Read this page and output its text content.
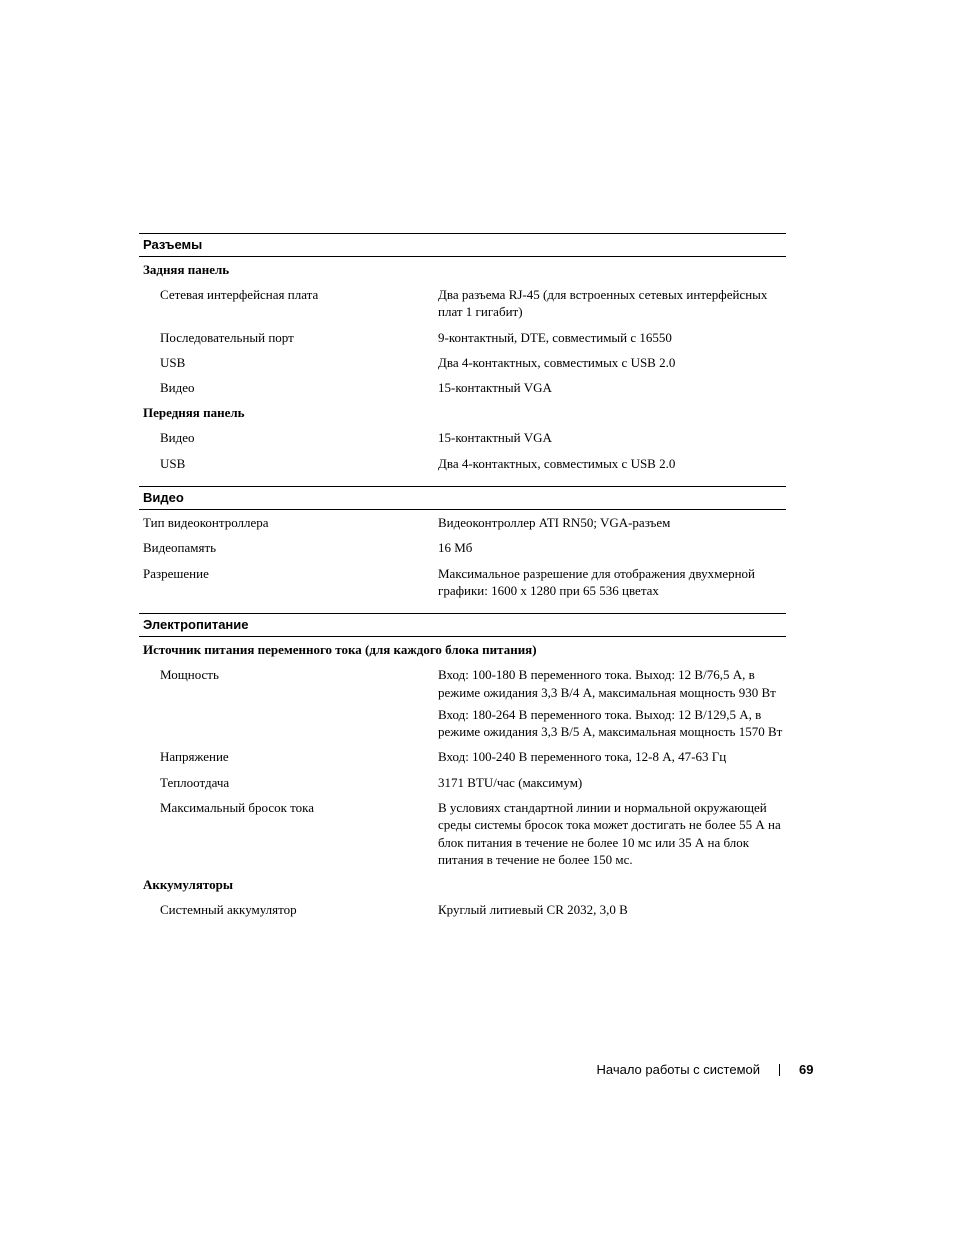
Разъемы
Задняя панель
Сетевая интерфейсная плата	Два разъема RJ-45 (для встроенных сетевых интерфейсных плат 1 гигабит)
Последовательный порт	9-контактный, DTE, совместимый с 16550
USB	Два 4-контактных, совместимых с USB 2.0
Видео	15-контактный VGA
Передняя панель
Видео	15-контактный VGA
USB	Два 4-контактных, совместимых с USB 2.0
Видео
Тип видеоконтроллера	Видеоконтроллер ATI RN50; VGA-разъем
Видеопамять	16 Мб
Разрешение	Максимальное разрешение для отображения двухмерной графики: 1600 x 1280 при 65 536 цветах
Электропитание
Источник питания переменного тока (для каждого блока питания)
Мощность	Вход: 100-180 В переменного тока. Выход: 12 В/76,5 А, в режиме ожидания 3,3 В/4 А, максимальная мощность 930 Вт
Вход: 180-264 В переменного тока. Выход: 12 В/129,5 А, в режиме ожидания 3,3 В/5 А, максимальная мощность 1570 Вт
Напряжение	Вход: 100-240 В переменного тока, 12-8 А, 47-63 Гц
Теплоотдача	3171 BTU/час (максимум)
Максимальный бросок тока	В условиях стандартной линии и нормальной окружающей среды системы бросок тока может достигать не более 55 А на блок питания в течение не более 10 мс или 35 А на блок питания в течение не более 150 мс.
Аккумуляторы
Системный аккумулятор	Круглый литиевый CR 2032, 3,0 В
Начало работы с системой	69
